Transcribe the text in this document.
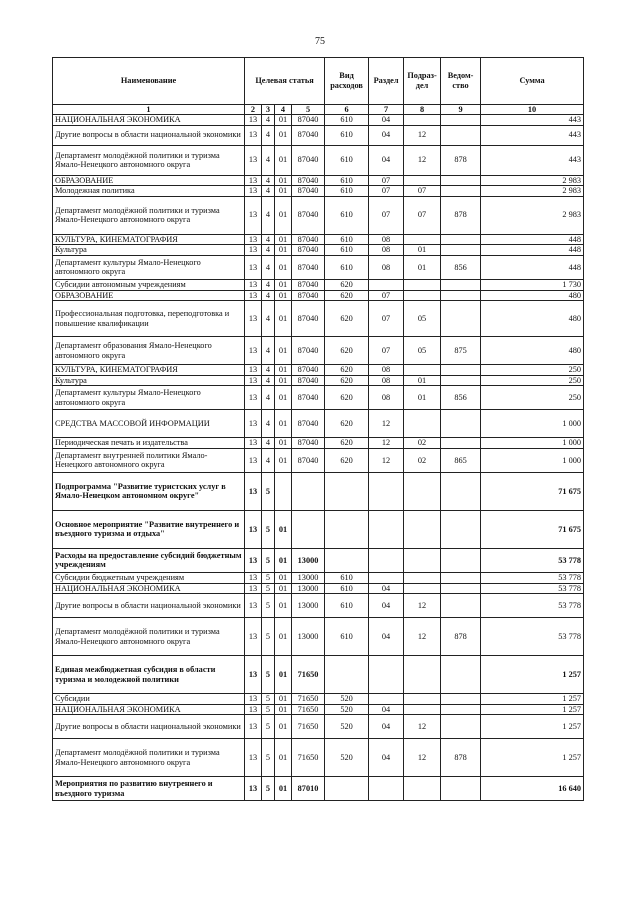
75
Наименование	Целевая статья				Вид расходов	Раздел	Подраз-дел	Ведом-ство	Сумма
1	2	3	4	5	6	7	8	9	10
НАЦИОНАЛЬНАЯ ЭКОНОМИКА	13	4	01	87040	610	04			443
Другие вопросы в области национальной экономики	13	4	01	87040	610	04	12		443
Департамент молодёжной политики и туризма Ямало-Ненецкого автономного округа	13	4	01	87040	610	04	12	878	443
ОБРАЗОВАНИЕ	13	4	01	87040	610	07			2 983
Молодежная политика	13	4	01	87040	610	07	07		2 983
Департамент молодёжной политики и туризма Ямало-Ненецкого автономного округа	13	4	01	87040	610	07	07	878	2 983
КУЛЬТУРА, КИНЕМАТОГРАФИЯ	13	4	01	87040	610	08			448
Культура	13	4	01	87040	610	08	01		448
Департамент культуры Ямало-Ненецкого автономного округа	13	4	01	87040	610	08	01	856	448
Субсидии автономным учреждениям	13	4	01	87040	620				1 730
ОБРАЗОВАНИЕ	13	4	01	87040	620	07			480
Профессиональная подготовка, переподготовка и повышение квалификации	13	4	01	87040	620	07	05		480
Департамент образования Ямало-Ненецкого автономного округа	13	4	01	87040	620	07	05	875	480
КУЛЬТУРА, КИНЕМАТОГРАФИЯ	13	4	01	87040	620	08			250
Культура	13	4	01	87040	620	08	01		250
Департамент культуры Ямало-Ненецкого автономного округа	13	4	01	87040	620	08	01	856	250
СРЕДСТВА МАССОВОЙ ИНФОРМАЦИИ	13	4	01	87040	620	12			1 000
Периодическая печать и издательства	13	4	01	87040	620	12	02		1 000
Департамент внутренней политики Ямало-Ненецкого автономного округа	13	4	01	87040	620	12	02	865	1 000
Подпрограмма "Развитие туристских услуг в Ямало-Ненецком автономном округе"	13	5							71 675
Основное мероприятие "Развитие внутреннего и въездного туризма и отдыха"	13	5	01						71 675
Расходы на предоставление субсидий бюджетным учреждениям	13	5	01	13000					53 778
Субсидии бюджетным учреждениям	13	5	01	13000	610				53 778
НАЦИОНАЛЬНАЯ ЭКОНОМИКА	13	5	01	13000	610	04			53 778
Другие вопросы в области национальной экономики	13	5	01	13000	610	04	12		53 778
Департамент молодёжной политики и туризма Ямало-Ненецкого автономного округа	13	5	01	13000	610	04	12	878	53 778
Единая межбюджетная субсидия в области туризма и молодежной политики	13	5	01	71650					1 257
Субсидии	13	5	01	71650	520				1 257
НАЦИОНАЛЬНАЯ ЭКОНОМИКА	13	5	01	71650	520	04			1 257
Другие вопросы в области национальной экономики	13	5	01	71650	520	04	12		1 257
Департамент молодёжной политики и туризма Ямало-Ненецкого автономного округа	13	5	01	71650	520	04	12	878	1 257
Мероприятия по развитию внутреннего и въездного туризма	13	5	01	87010					16 640
